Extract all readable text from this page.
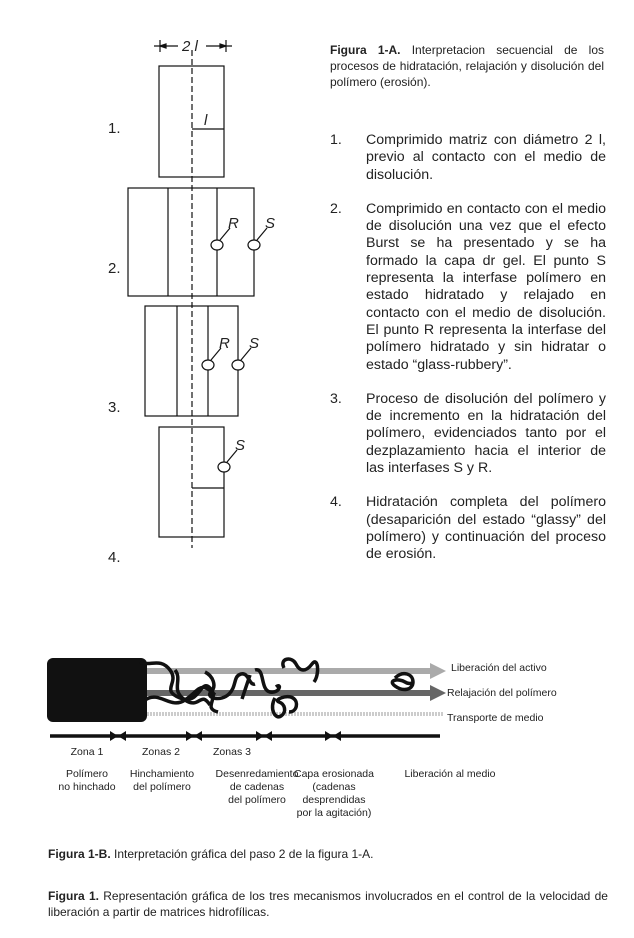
2 l
l
1.
2.
3.
4.
R S
R S
S
Liberación del activo
Relajación del polímero
Transporte de medio
Zona 1	Zonas 2	Zonas 3
Polímero
no hinchado
Hinchamiento
del polímero
Desenredamiento
de cadenas
del polímero
Capa erosionada
(cadenas
desprendidas
por la agitación)
Liberación al medio
Figura 1-A. Interpretacion secuencial de los procesos de hidratación, relajación y disolución del polímero (erosión).
1. Comprimido matriz con diámetro 2 l, previo al contacto con el medio de disolución.
2. Comprimido en contacto con el medio de disolución una vez que el efecto Burst se ha presentado y se ha formado la capa dr gel. El punto S representa la interfase polímero en estado hidratado y relajado en contacto con el medio de disolución. El punto R representa la interfase del polímero hidratado y sin hidratar o estado “glass-rubbery”.
3. Proceso de disolución del polímero y de incremento en la hidratación del polímero, evidenciados tanto por el dezplazamiento hacia el interior de las interfases S y R.
4. Hidratación completa del polímero (desaparición del estado “glassy” del polímero) y continuación del proceso de erosión.
Figura 1-B. Interpretación gráfica del paso 2 de la figura 1-A.
Figura 1. Representación gráfica de los tres mecanismos involucrados en el control de la velocidad de liberación a partir de matrices hidrofílicas.
